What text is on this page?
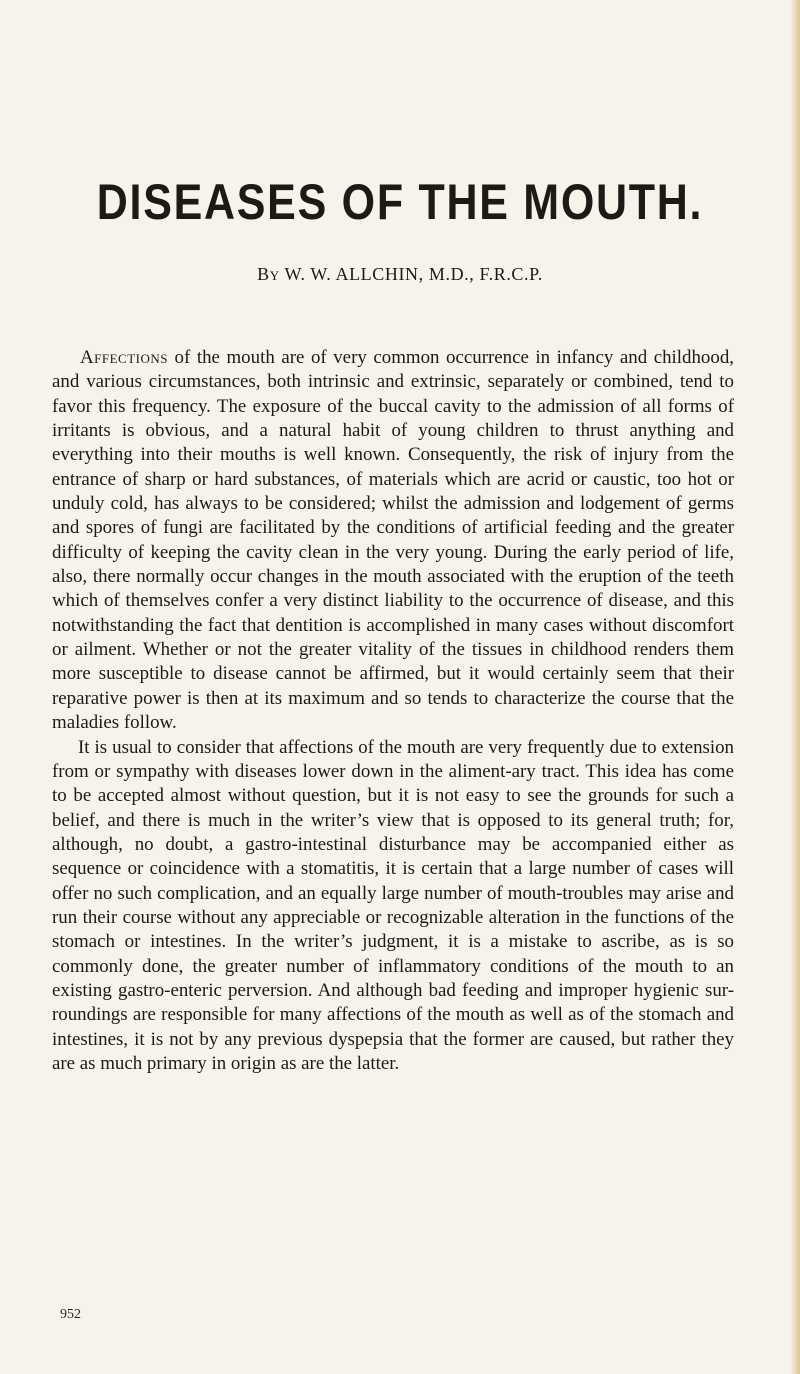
DISEASES OF THE MOUTH.

By W. W. ALLCHIN, M.D., F.R.C.P.

Affections of the mouth are of very common occurrence in infancy and childhood, and various circumstances, both intrinsic and extrinsic, separately or combined, tend to favor this frequency. The exposure of the buccal cavity to the admission of all forms of irritants is obvious, and a natural habit of young children to thrust anything and everything into their mouths is well known. Consequently, the risk of injury from the entrance of sharp or hard substances, of materials which are acrid or caustic, too hot or unduly cold, has always to be considered; whilst the admission and lodgement of germs and spores of fungi are facilitated by the conditions of artificial feeding and the greater difficulty of keeping the cavity clean in the very young. During the early period of life, also, there normally occur changes in the mouth associated with the eruption of the teeth which of themselves confer a very distinct liability to the occurrence of disease, and this notwithstanding the fact that dentition is accomplished in many cases without discomfort or ailment. Whether or not the greater vitality of the tissues in childhood renders them more susceptible to disease cannot be affirmed, but it would certainly seem that their reparative power is then at its maximum and so tends to characterize the course that the maladies follow.

It is usual to consider that affections of the mouth are very frequently due to extension from or sympathy with diseases lower down in the aliment-ary tract. This idea has come to be accepted almost without question, but it is not easy to see the grounds for such a belief, and there is much in the writer’s view that is opposed to its general truth; for, although, no doubt, a gastro-intestinal disturbance may be accompanied either as sequence or coincidence with a stomatitis, it is certain that a large number of cases will offer no such complication, and an equally large number of mouth-troubles may arise and run their course without any appreciable or recognizable alteration in the functions of the stomach or intestines. In the writer’s judgment, it is a mistake to ascribe, as is so commonly done, the greater number of inflammatory conditions of the mouth to an existing gastro-enteric perversion. And although bad feeding and improper hygienic sur-roundings are responsible for many affections of the mouth as well as of the stomach and intestines, it is not by any previous dyspepsia that the former are caused, but rather they are as much primary in origin as are the latter.

952
